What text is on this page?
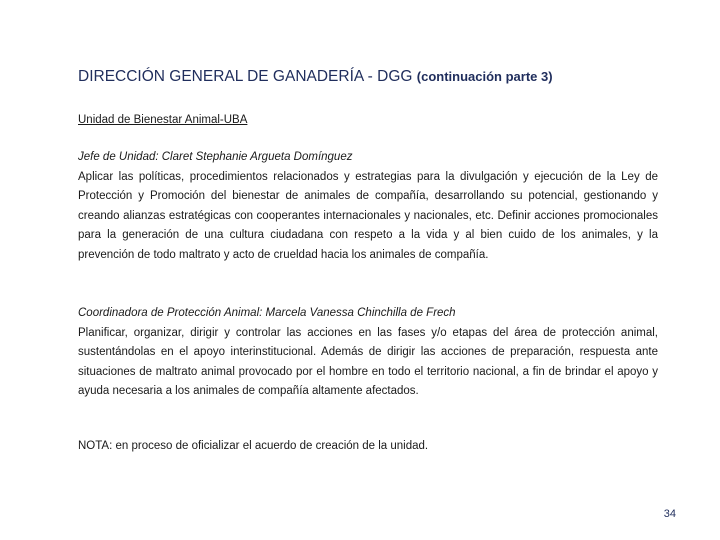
DIRECCIÓN GENERAL DE GANADERÍA - DGG (continuación parte 3)
Unidad de Bienestar Animal-UBA
Jefe de Unidad: Claret Stephanie Argueta Domínguez
Aplicar las políticas, procedimientos relacionados y estrategias para la divulgación y ejecución de la Ley de Protección y Promoción del bienestar de animales de compañía, desarrollando su potencial, gestionando y creando alianzas estratégicas con cooperantes internacionales y nacionales, etc. Definir acciones promocionales para la generación de una cultura ciudadana con respeto a la vida y al bien cuido de los animales, y la prevención de todo maltrato y acto de crueldad hacia los animales de compañía.
Coordinadora de Protección Animal: Marcela Vanessa Chinchilla de Frech
Planificar, organizar, dirigir y controlar las acciones en las fases y/o etapas del área de protección animal, sustentándolas en el apoyo interinstitucional. Además de dirigir las acciones de preparación, respuesta ante situaciones de maltrato animal provocado por el hombre en todo el territorio nacional, a fin de brindar el apoyo y ayuda necesaria a los animales de compañía altamente afectados.
NOTA: en proceso de oficializar el acuerdo de creación de la unidad.
34
